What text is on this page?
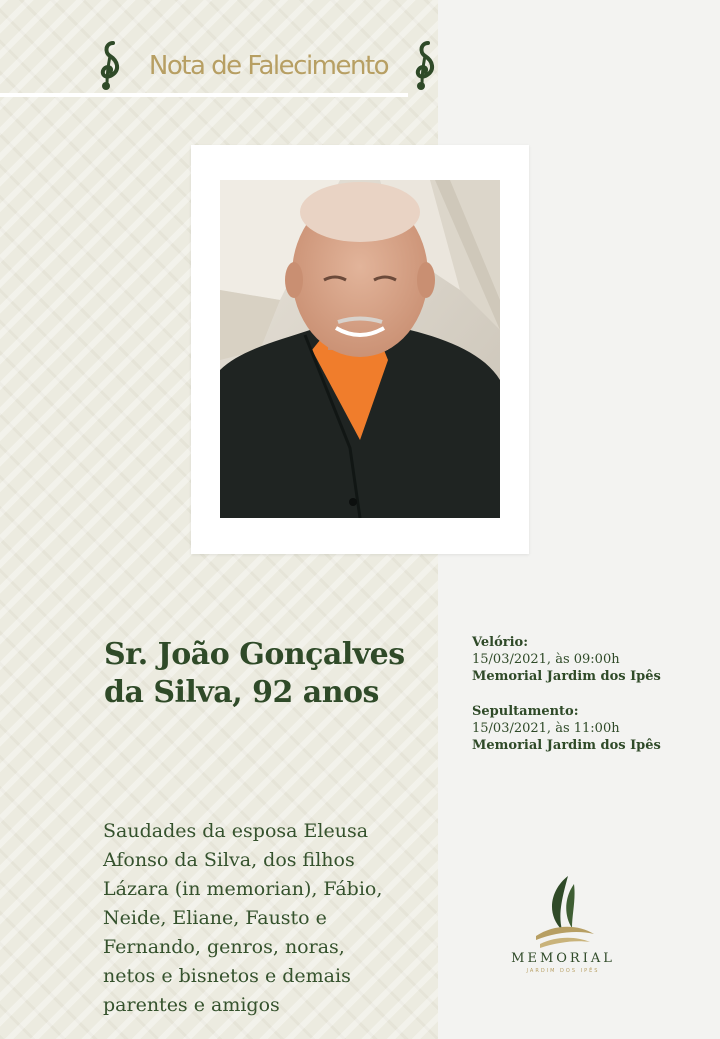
Nota de Falecimento
Sr. João Gonçalves
da Silva, 92 anos
Velório:
15/03/2021, às 09:00h
Memorial Jardim dos Ipês
Sepultamento:
15/03/2021, às 11:00h
Memorial Jardim dos Ipês
Saudades da esposa Eleusa
Afonso da Silva, dos filhos
Lázara (in memorian), Fábio,
Neide, Eliane, Fausto e
Fernando, genros, noras,
netos e bisnetos e demais
parentes e amigos
MEMORIAL
JARDIM DOS IPÊS
